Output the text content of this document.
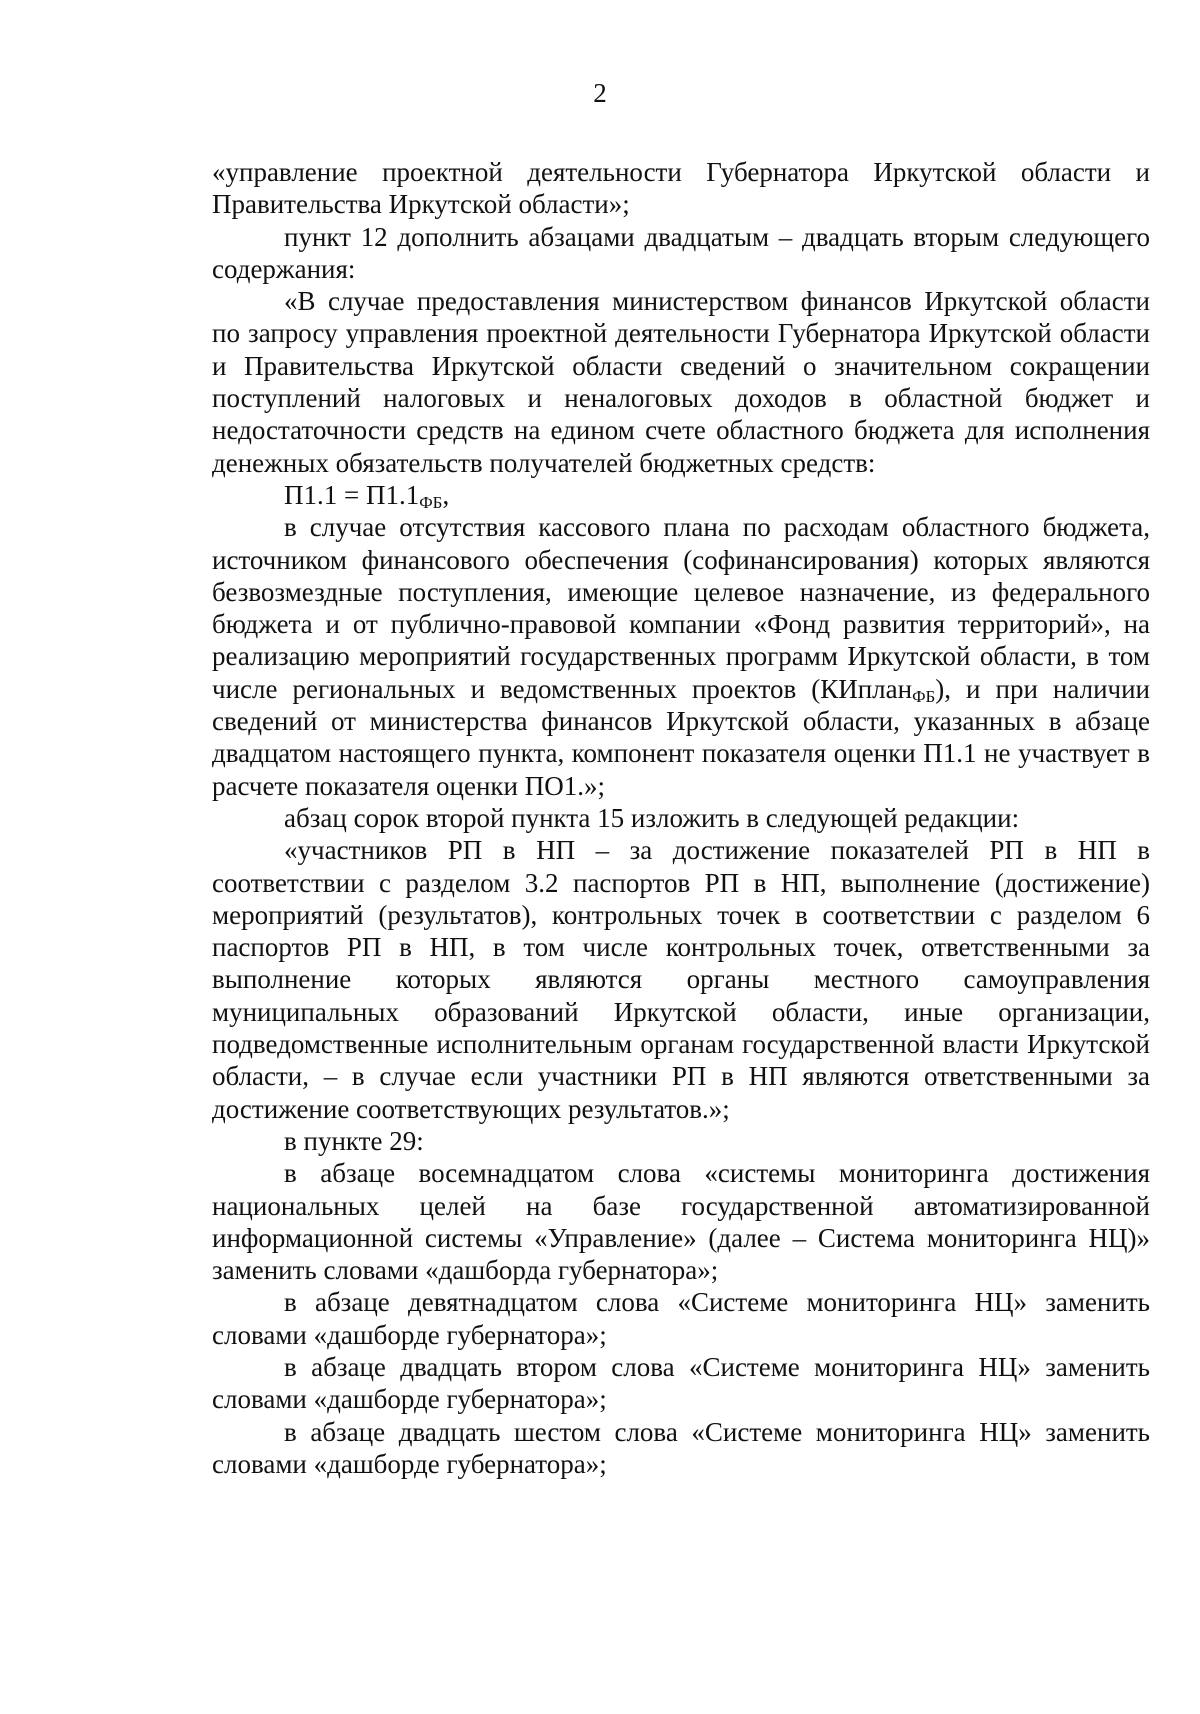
2

«управление проектной деятельности Губернатора Иркутской области и Правительства Иркутской области»;

пункт 12 дополнить абзацами двадцатым – двадцать вторым следующего содержания:

«В случае предоставления министерством финансов Иркутской области по запросу управления проектной деятельности Губернатора Иркутской области и Правительства Иркутской области сведений о значительном сокращении поступлений налоговых и неналоговых доходов в областной бюджет и недостаточности средств на едином счете областного бюджета для исполнения денежных обязательств получателей бюджетных средств:

$П1.1 = П1.1_{ФБ}$,

в случае отсутствия кассового плана по расходам областного бюджета, источником финансового обеспечения (софинансирования) которых являются безвозмездные поступления, имеющие целевое назначение, из федерального бюджета и от публично-правовой компании «Фонд развития территорий», на реализацию мероприятий государственных программ Иркутской области, в том числе региональных и ведомственных проектов (КИплан$_{ФБ}$), и при наличии сведений от министерства финансов Иркутской области, указанных в абзаце двадцатом настоящего пункта, компонент показателя оценки П1.1 не участвует в расчете показателя оценки ПО1.»;

абзац сорок второй пункта 15 изложить в следующей редакции:

«участников РП в НП – за достижение показателей РП в НП в соответствии с разделом 3.2 паспортов РП в НП, выполнение (достижение) мероприятий (результатов), контрольных точек в соответствии с разделом 6 паспортов РП в НП, в том числе контрольных точек, ответственными за выполнение которых являются органы местного самоуправления муниципальных образований Иркутской области, иные организации, подведомственные исполнительным органам государственной власти Иркутской области, – в случае если участники РП в НП являются ответственными за достижение соответствующих результатов.»;

в пункте 29:

в абзаце восемнадцатом слова «системы мониторинга достижения национальных целей на базе государственной автоматизированной информационной системы «Управление» (далее – Система мониторинга НЦ)» заменить словами «дашборда губернатора»;

в абзаце девятнадцатом слова «Системе мониторинга НЦ» заменить словами «дашборде губернатора»;

в абзаце двадцать втором слова «Системе мониторинга НЦ» заменить словами «дашборде губернатора»;

в абзаце двадцать шестом слова «Системе мониторинга НЦ» заменить словами «дашборде губернатора»;
